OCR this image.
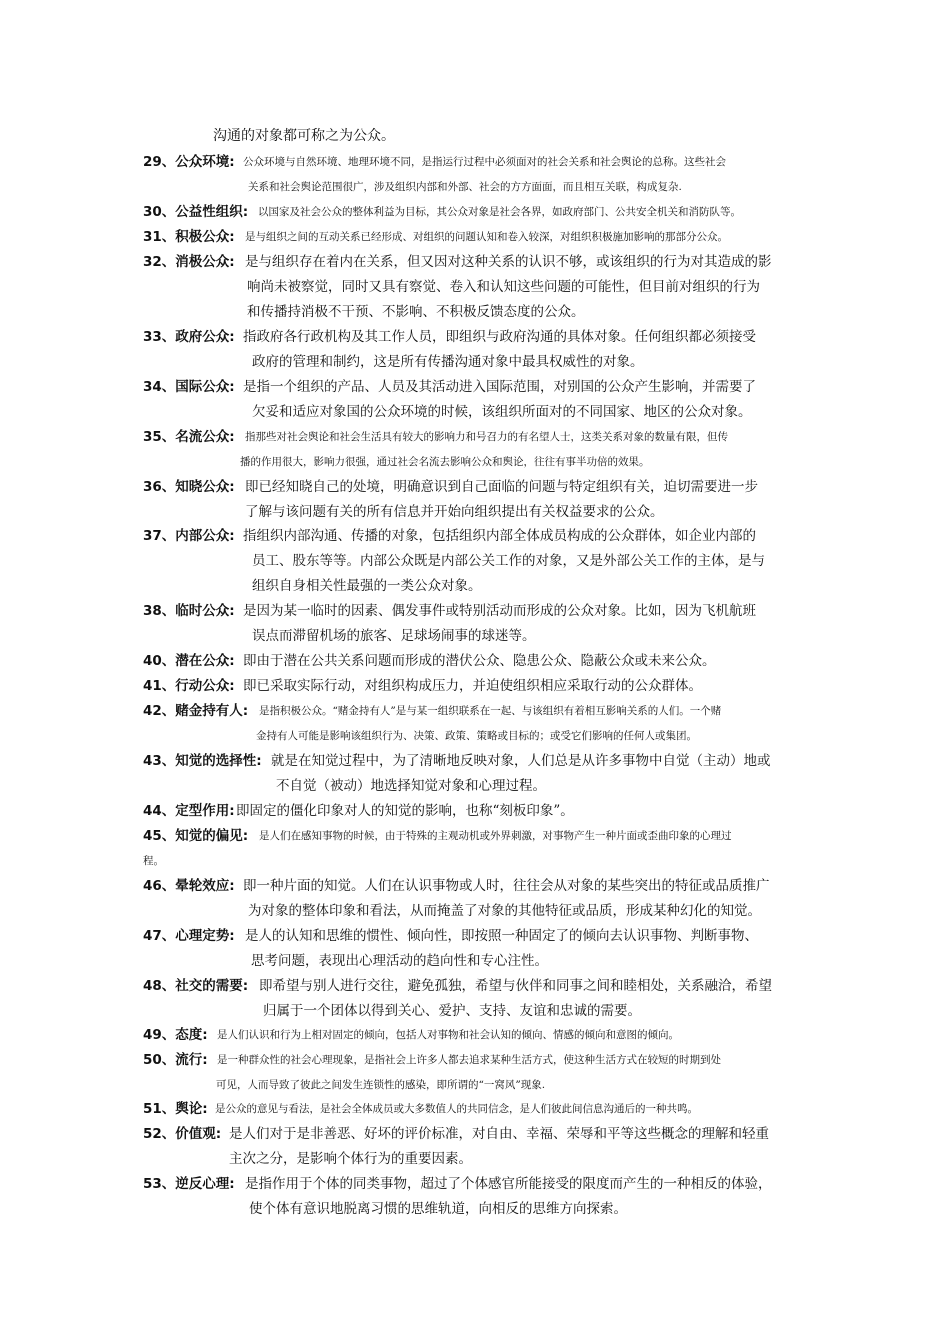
沟通的对象都可称之为公众。
29、公众环境: 公众环境与自然环境、地理环境不同，是指运行过程中必须面对的社会关系和社会舆论的总称。这些社会
关系和社会舆论范围很广，涉及组织内部和外部、社会的方方面面，而且相互关联，构成复杂.
30、公益性组织: 以国家及社会公众的整体利益为目标，其公众对象是社会各界，如政府部门、公共安全机关和消防队等。
31、积极公众: 是与组织之间的互动关系已经形成、对组织的问题认知和卷入较深，对组织积极施加影响的那部分公众。
32、消极公众: 是与组织存在着内在关系，但又因对这种关系的认识不够，或该组织的行为对其造成的影
响尚未被察觉，同时又具有察觉、卷入和认知这些问题的可能性，但目前对组织的行为
和传播持消极不干预、不影响、不积极反馈态度的公众。
33、政府公众: 指政府各行政机构及其工作人员，即组织与政府沟通的具体对象。任何组织都必须接受
政府的管理和制约，这是所有传播沟通对象中最具权威性的对象。
34、国际公众: 是指一个组织的产品、人员及其活动进入国际范围，对别国的公众产生影响，并需要了
欠妥和适应对象国的公众环境的时候，该组织所面对的不同国家、地区的公众对象。
35、名流公众: 指那些对社会舆论和社会生活具有较大的影响力和号召力的有名望人士，这类关系对象的数量有限，但传
播的作用很大，影响力很强，通过社会名流去影响公众和舆论，往往有事半功倍的效果。
36、知晓公众: 即已经知晓自己的处境，明确意识到自己面临的问题与特定组织有关，迫切需要进一步
了解与该问题有关的所有信息并开始向组织提出有关权益要求的公众。
37、内部公众: 指组织内部沟通、传播的对象，包括组织内部全体成员构成的公众群体，如企业内部的
员工、股东等等。内部公众既是内部公关工作的对象，又是外部公关工作的主体，是与
组织自身相关性最强的一类公众对象。
38、临时公众: 是因为某一临时的因素、偶发事件或特别活动而形成的公众对象。比如，因为飞机航班
误点而滞留机场的旅客、足球场闹事的球迷等。
40、潜在公众: 即由于潜在公共关系问题而形成的潜伏公众、隐患公众、隐蔽公众或未来公众。
41、行动公众: 即已采取实际行动，对组织构成压力，并迫使组织相应采取行动的公众群体。
42、赌金持有人: 是指积极公众。“赌金持有人”是与某一组织联系在一起、与该组织有着相互影响关系的人们。一个赌
金持有人可能是影响该组织行为、决策、政策、策略或目标的；或受它们影响的任何人或集团。
43、知觉的选择性: 就是在知觉过程中，为了清晰地反映对象，人们总是从许多事物中自觉（主动）地或
不自觉（被动）地选择知觉对象和心理过程。
44、定型作用: 即固定的僵化印象对人的知觉的影响，也称“刻板印象”。
45、知觉的偏见: 是人们在感知事物的时候，由于特殊的主观动机或外界刺激，对事物产生一种片面或歪曲印象的心理过
程。
46、晕轮效应: 即一种片面的知觉。人们在认识事物或人时，往往会从对象的某些突出的特征或品质推广
为对象的整体印象和看法，从而掩盖了对象的其他特征或品质，形成某种幻化的知觉。
47、心理定势: 是人的认知和思维的惯性、倾向性，即按照一种固定了的倾向去认识事物、判断事物、
思考问题，表现出心理活动的趋向性和专心注性。
48、社交的需要: 即希望与别人进行交往，避免孤独，希望与伙伴和同事之间和睦相处，关系融洽，希望
归属于一个团体以得到关心、爱护、支持、友谊和忠诚的需要。
49、态度: 是人们认识和行为上相对固定的倾向，包括人对事物和社会认知的倾向、情感的倾向和意图的倾向。
50、流行: 是一种群众性的社会心理现象，是指社会上许多人都去追求某种生活方式，使这种生活方式在较短的时期到处
可见，人而导致了彼此之间发生连锁性的感染，即所谓的“一窝风”现象.
51、舆论: 是公众的意见与看法，是社会全体成员或大多数值人的共同信念，是人们彼此间信息沟通后的一种共鸣。
52、价值观: 是人们对于是非善恶、好坏的评价标准，对自由、幸福、荣辱和平等这些概念的理解和轻重
主次之分，是影响个体行为的重要因素。
53、逆反心理: 是指作用于个体的同类事物，超过了个体感官所能接受的限度而产生的一种相反的体验，
使个体有意识地脱离习惯的思维轨道，向相反的思维方向探索。
